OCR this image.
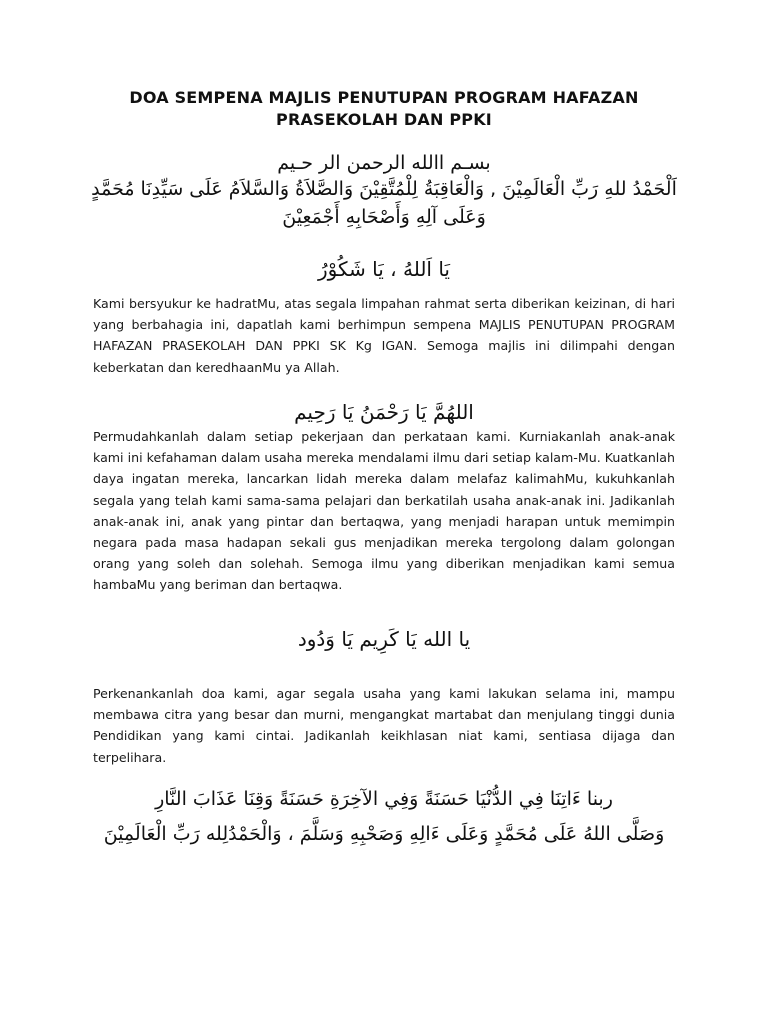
DOA SEMPENA MAJLIS PENUTUPAN PROGRAM HAFAZAN PRASEKOLAH DAN PPKI
بسـم االله الرحمن الر حـيم
اَلْحَمْدُ للهِ رَبِّ الْعَالَمِيْنَ , وَالْعَاقِبَةُ لِلْمُتَّقِيْنَ وَالصَّلاَةُ وَالسَّلاَمُ عَلَى سَيِّدِنَا مُحَمَّدٍ
وَعَلَى آلِهِ وَأَصْحَابِهِ أَجْمَعِيْنَ
يَا اَللهُ ، يَا شَكُوْرُ

Kami bersyukur ke hadratMu, atas segala limpahan rahmat serta diberikan keizinan, di hari yang berbahagia ini, dapatlah kami berhimpun sempena MAJLIS PENUTUPAN PROGRAM HAFAZAN PRASEKOLAH DAN PPKI SK Kg IGAN. Semoga majlis ini dilimpahi dengan keberkatan dan keredhaanMu ya Allah.

اللهُمَّ يَا رَحْمَنُ يَا رَحِيم

Permudahkanlah dalam setiap pekerjaan dan perkataan kami. Kurniakanlah anak-anak kami ini kefahaman dalam usaha mereka mendalami ilmu dari setiap kalam-Mu. Kuatkanlah daya ingatan mereka, lancarkan lidah mereka dalam melafaz kalimahMu, kukuhkanlah segala yang telah kami sama-sama pelajari dan berkatilah usaha anak-anak ini. Jadikanlah anak-anak ini, anak yang pintar dan bertaqwa, yang menjadi harapan untuk memimpin negara pada masa hadapan sekali gus menjadikan mereka tergolong dalam golongan orang yang soleh dan solehah. Semoga ilmu yang diberikan menjadikan kami semua hambaMu yang beriman dan bertaqwa.

يا الله يَا كَرِيم يَا وَدُود

Perkenankanlah doa kami, agar segala usaha yang kami lakukan selama ini, mampu membawa citra yang besar dan murni, mengangkat martabat dan menjulang tinggi dunia Pendidikan yang kami cintai. Jadikanlah keikhlasan niat kami, sentiasa dijaga dan terpelihara.

ربنا ءَاتِنَا فِي الدُّنْيَا حَسَنَةً وَفِي الآخِرَةِ حَسَنَةً وَقِنَا عَذَابَ النَّارِ
وَصَلَّى اللهُ عَلَى مُحَمَّدٍ وَعَلَى ءَالِهِ وَصَحْبِهِ وَسَلَّمَ ، وَالْحَمْدُلِله رَبِّ الْعَالَمِيْنَ
